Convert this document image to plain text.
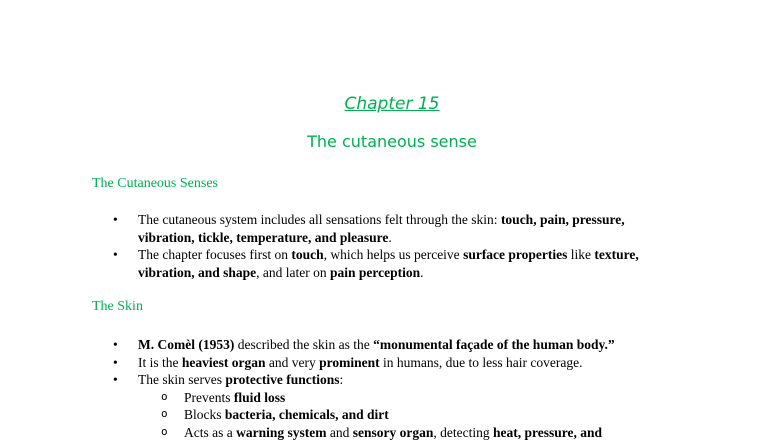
Chapter 15
The cutaneous sense
The Cutaneous Senses
• The cutaneous system includes all sensations felt through the skin: touch, pain, pressure, vibration, tickle, temperature, and pleasure.
• The chapter focuses first on touch, which helps us perceive surface properties like texture, vibration, and shape, and later on pain perception.
The Skin
• M. Comèl (1953) described the skin as the “monumental façade of the human body.”
• It is the heaviest organ and very prominent in humans, due to less hair coverage.
• The skin serves protective functions:
o Prevents fluid loss
o Blocks bacteria, chemicals, and dirt
o Acts as a warning system and sensory organ, detecting heat, pressure, and
